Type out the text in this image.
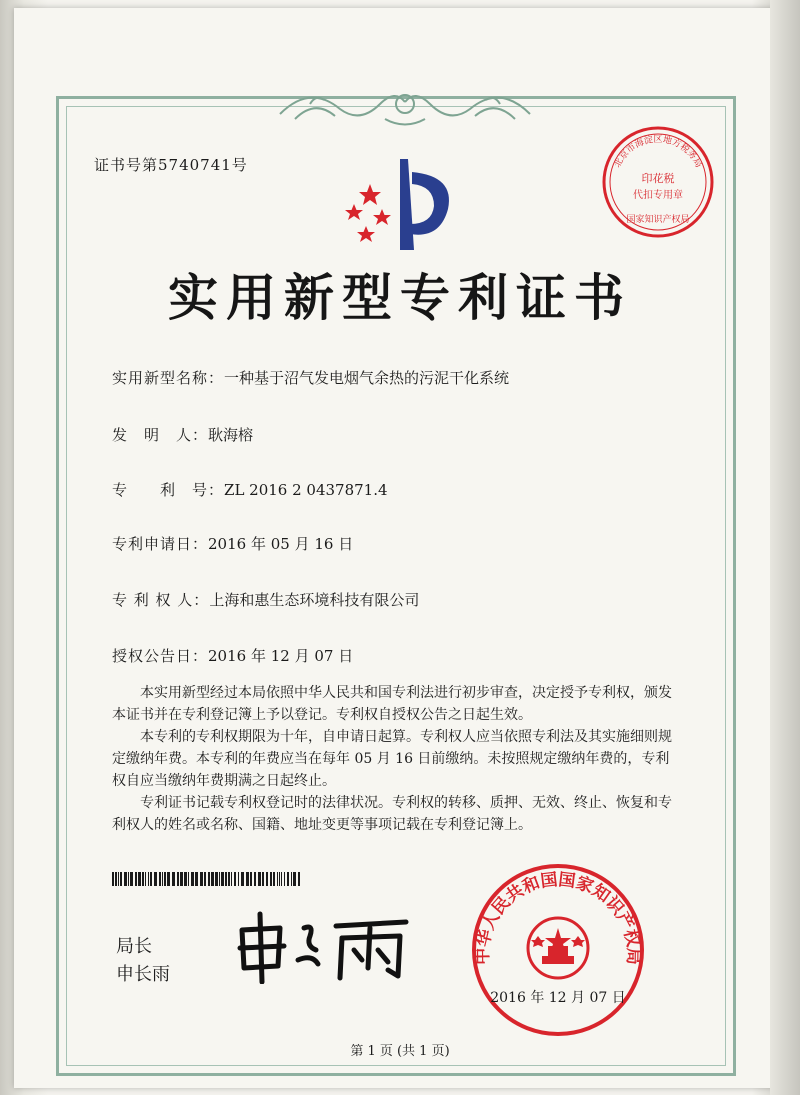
证书号第5740741号	北京市海淀区地方税务局
印花税
代扣专用章
国家知识产权局
实用新型专利证书
实用新型名称：一种基于沼气发电烟气余热的污泥干化系统
发　明　人：耿海榕
专　　利　号：ZL 2016 2 0437871.4
专利申请日：2016 年 05 月 16 日
专 利 权 人：上海和惠生态环境科技有限公司
授权公告日：2016 年 12 月 07 日
本实用新型经过本局依照中华人民共和国专利法进行初步审查，决定授予专利权，颁发本证书并在专利登记簿上予以登记。专利权自授权公告之日起生效。
本专利的专利权期限为十年，自申请日起算。专利权人应当依照专利法及其实施细则规定缴纳年费。本专利的年费应当在每年 05 月 16 日前缴纳。未按照规定缴纳年费的，专利权自应当缴纳年费期满之日起终止。
专利证书记载专利权登记时的法律状况。专利权的转移、质押、无效、终止、恢复和专利权人的姓名或名称、国籍、地址变更等事项记载在专利登记簿上。
局长
申长雨
中华人民共和国国家知识产权局
2016 年 12 月 07 日
第 1 页 (共 1 页)
